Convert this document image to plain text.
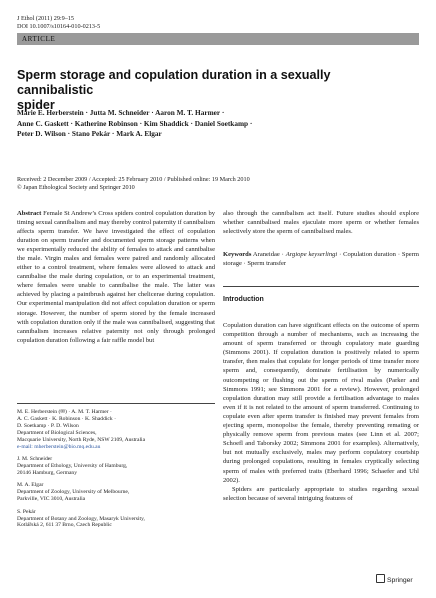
J Ethol (2011) 29:9–15
DOI 10.1007/s10164-010-0213-5
ARTICLE
Sperm storage and copulation duration in a sexually cannibalistic
spider
Marie E. Herberstein · Jutta M. Schneider · Aaron M. T. Harmer ·
Anne C. Gaskett · Katherine Robinson · Kim Shaddick · Daniel Soetkamp ·
Peter D. Wilson · Stano Pekár · Mark A. Elgar
Received: 2 December 2009 / Accepted: 25 February 2010 / Published online: 19 March 2010
© Japan Ethological Society and Springer 2010
Abstract Female St Andrew’s Cross spiders control copulation duration by timing sexual cannibalism and may thereby control paternity if cannibalism affects sperm transfer. We have investigated the effect of copulation duration on sperm transfer and documented sperm storage patterns when we experimentally reduced the ability of females to attack and cannibalise the male. Virgin males and females were paired and randomly allocated either to a control treatment, where females were allowed to attack and cannibalise the male during copulation, or to an experimental treatment, where females were unable to cannibalise the male. The latter was achieved by placing a paintbrush against her chelicerae during copulation. Our experimental manipulation did not affect copulation duration or sperm storage. However, the number of sperm stored by the female increased with copulation duration only if the male was cannibalised, suggesting that cannibalism increases relative paternity not only through prolonged copulation duration following a fair raffle model but
also through the cannibalism act itself. Future studies should explore whether cannibalised males ejaculate more sperm or whether females selectively store the sperm of cannibalised males.
Keywords Araneidae · Argiope keyserlingi · Copulation duration · Sperm storage · Sperm transfer
Introduction

Copulation duration can have significant effects on the outcome of sperm competition through a number of mechanisms, such as increasing the amount of sperm transferred or through copulatory mate guarding (Simmons 2001). If copulation duration is positively related to sperm transfer, then males that copulate for longer periods of time transfer more sperm and, consequently, dominate fertilisation by numerically outcompeting or flushing out the sperm of rival males (Parker and Simmons 1991; see Simmons 2001 for a review). However, prolonged copulation duration may still provide a fertilisation advantage to males even if it is not related to the amount of sperm transferred. Continuing to copulate even after sperm transfer is finished may prevent females from ejecting sperm, monopolise the female, thereby preventing remating or physically remove sperm from previous mates (see Linn et al. 2007; Schoefl and Taborsky 2002; Simmons 2001 for examples). Alternatively, but not mutually exclusively, males may perform copulatory courtship during prolonged copulations, resulting in females cryptically selecting sperm of males with preferred traits (Eberhard 1996; Schaefer and Uhl 2002).

Spiders are particularly appropriate to studies regarding sexual selection because of several intriguing features of

M. E. Herberstein (✉) · A. M. T. Harmer ·
A. C. Gaskett · K. Robinson · K. Shaddick ·
D. Soetkamp · P. D. Wilson
Department of Biological Sciences,
Macquarie University, North Ryde, NSW 2109, Australia
e-mail: mherberstein@bio.mq.edu.au

J. M. Schneider
Department of Ethology, University of Hamburg,
20146 Hamburg, Germany

M. A. Elgar
Department of Zoology, University of Melbourne,
Parkville, VIC 3010, Australia

S. Pekár
Department of Botany and Zoology, Masaryk University,
Kotlářská 2, 611 37 Brno, Czech Republic

Springer
